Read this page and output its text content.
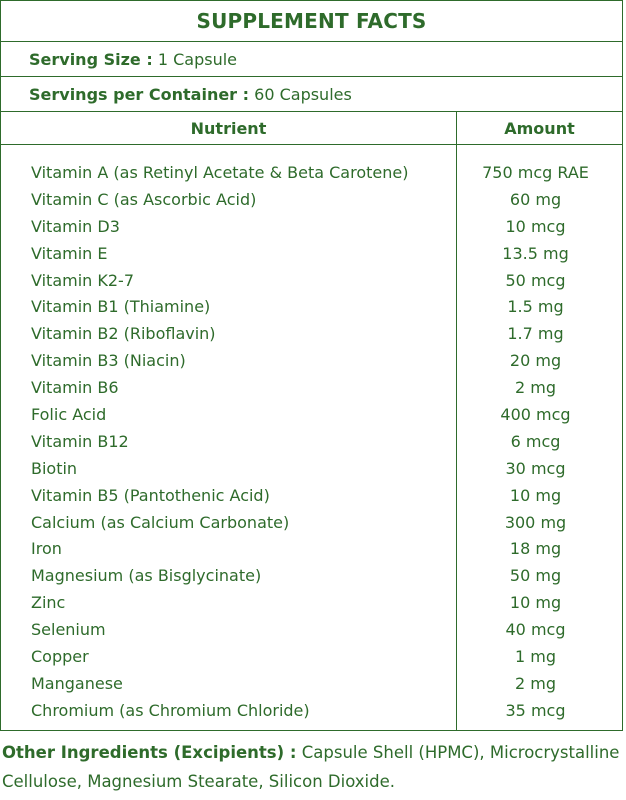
SUPPLEMENT FACTS
Serving Size :
1 Capsule
Servings per Container :
60 Capsules
Nutrient	Amount
Vitamin A (as Retinyl Acetate & Beta Carotene)
Vitamin C (as Ascorbic Acid)
Vitamin D3
Vitamin E
Vitamin K2-7
Vitamin B1 (Thiamine)
Vitamin B2 (Riboflavin)
Vitamin B3 (Niacin)
Vitamin B6
Folic Acid
Vitamin B12
Biotin
Vitamin B5 (Pantothenic Acid)
Calcium (as Calcium Carbonate)
Iron
Magnesium (as Bisglycinate)
Zinc
Selenium
Copper
Manganese
Chromium (as Chromium Chloride)
750 mcg RAE
60 mg
10 mcg
13.5 mg
50 mcg
1.5 mg
1.7 mg
20 mg
2 mg
400 mcg
6 mcg
30 mcg
10 mg
300 mg
18 mg
50 mg
10 mg
40 mcg
1 mg
2 mg
35 mcg
Other Ingredients (Excipients) : Capsule Shell (HPMC), Microcrystalline Cellulose, Magnesium Stearate, Silicon Dioxide.
